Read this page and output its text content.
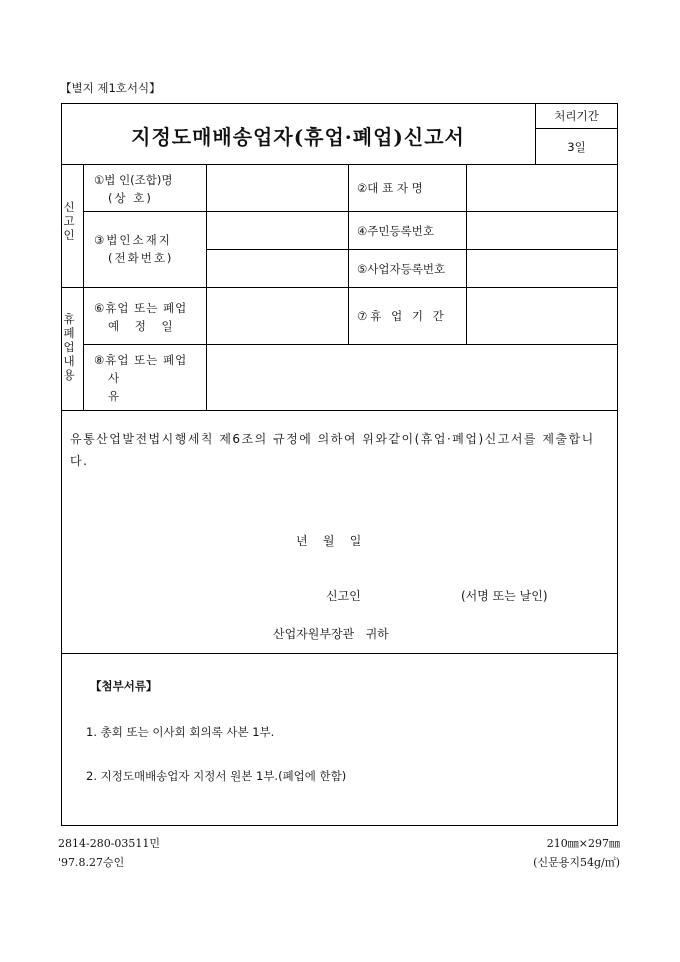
【별지 제1호서식】
지정도매배송업자(휴업·폐업)신고서
처리기간
3일
신
고
인
휴
폐
업
내
용
①법 인(조합)명
(상 호)
②대 표 자 명
③법인소재지
(전화번호)
④주민등록번호
⑤사업자등록번호
⑥휴업 또는 폐업
예 정 일
⑦휴 업 기 간
⑧휴업 또는 폐업
사 유
유통산업발전법시행세칙 제6조의 규정에 의하여 위와같이(휴업·폐업)신고서를 제출합니다.
년    월    일
신고인	(서명 또는 날인)
산업자원부장관   귀하
【첨부서류】
1. 총회 또는 이사회 회의록 사본 1부.
2. 지정도매배송업자 지정서 원본 1부.(폐업에 한함)
2814-280-03511민
'97.8.27승인
210㎜×297㎜
(신문용지54g/㎡)
